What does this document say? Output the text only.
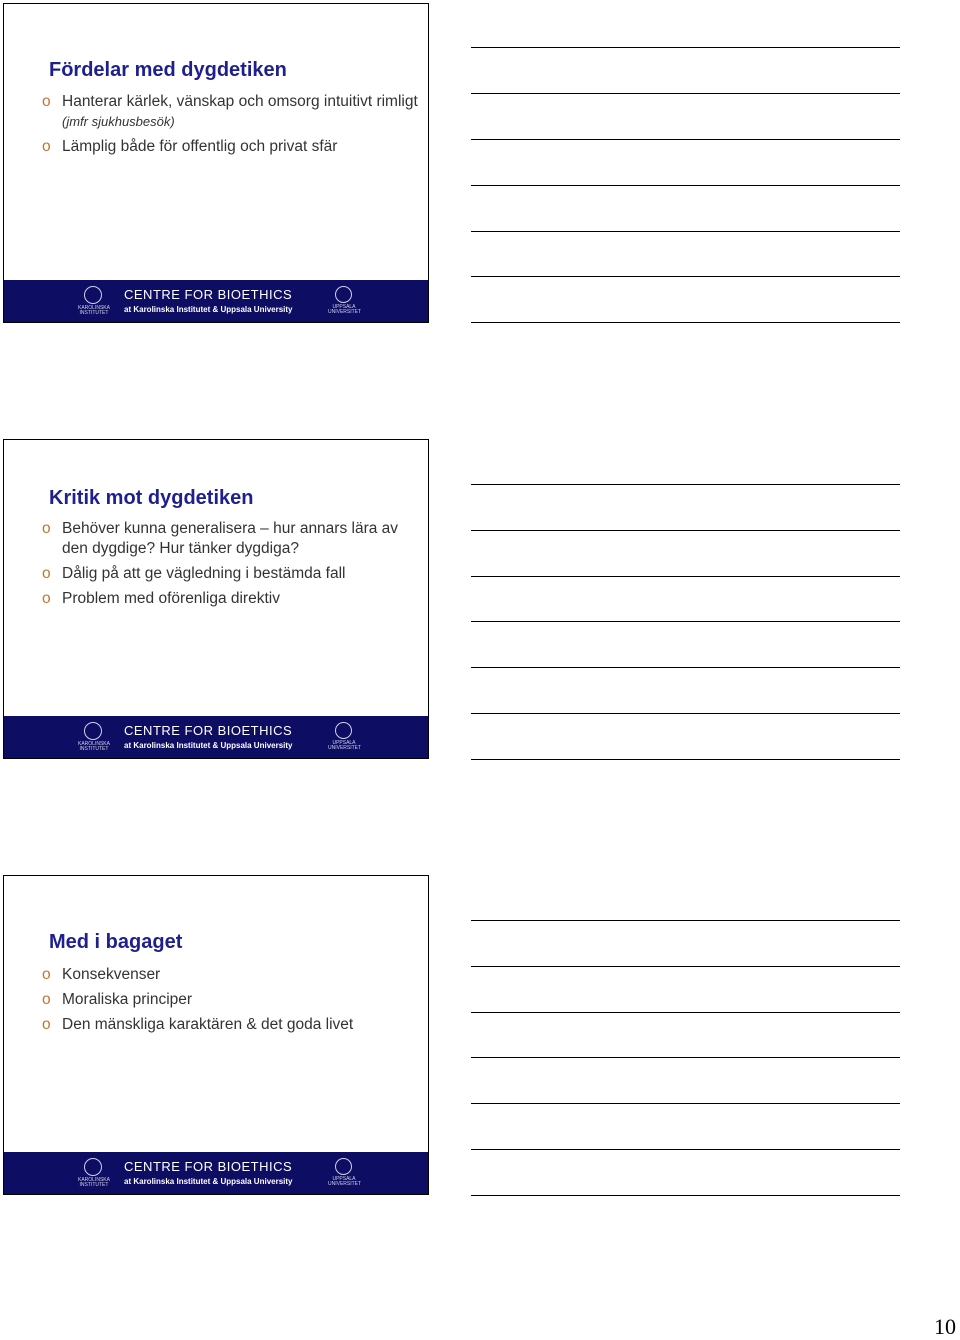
Fördelar med dygdetiken
o Hanterar kärlek, vänskap och omsorg intuitivt rimligt (jmfr sjukhusbesök)
o Lämplig både för offentlig och privat sfär
KAROLINSKA INSTITUTET
CENTRE FOR BIOETHICS
at Karolinska Institutet & Uppsala University	UPPSALA UNIVERSITET
Kritik mot dygdetiken
o Behöver kunna generalisera – hur annars lära av den dygdige? Hur tänker dygdiga?
o Dålig på att ge vägledning i bestämda fall
o Problem med oförenliga direktiv
KAROLINSKA INSTITUTET
CENTRE FOR BIOETHICS
at Karolinska Institutet & Uppsala University	UPPSALA UNIVERSITET
Med i bagaget
o Konsekvenser
o Moraliska principer
o Den mänskliga karaktären & det goda livet
KAROLINSKA INSTITUTET
CENTRE FOR BIOETHICS
at Karolinska Institutet & Uppsala University	UPPSALA UNIVERSITET
10
